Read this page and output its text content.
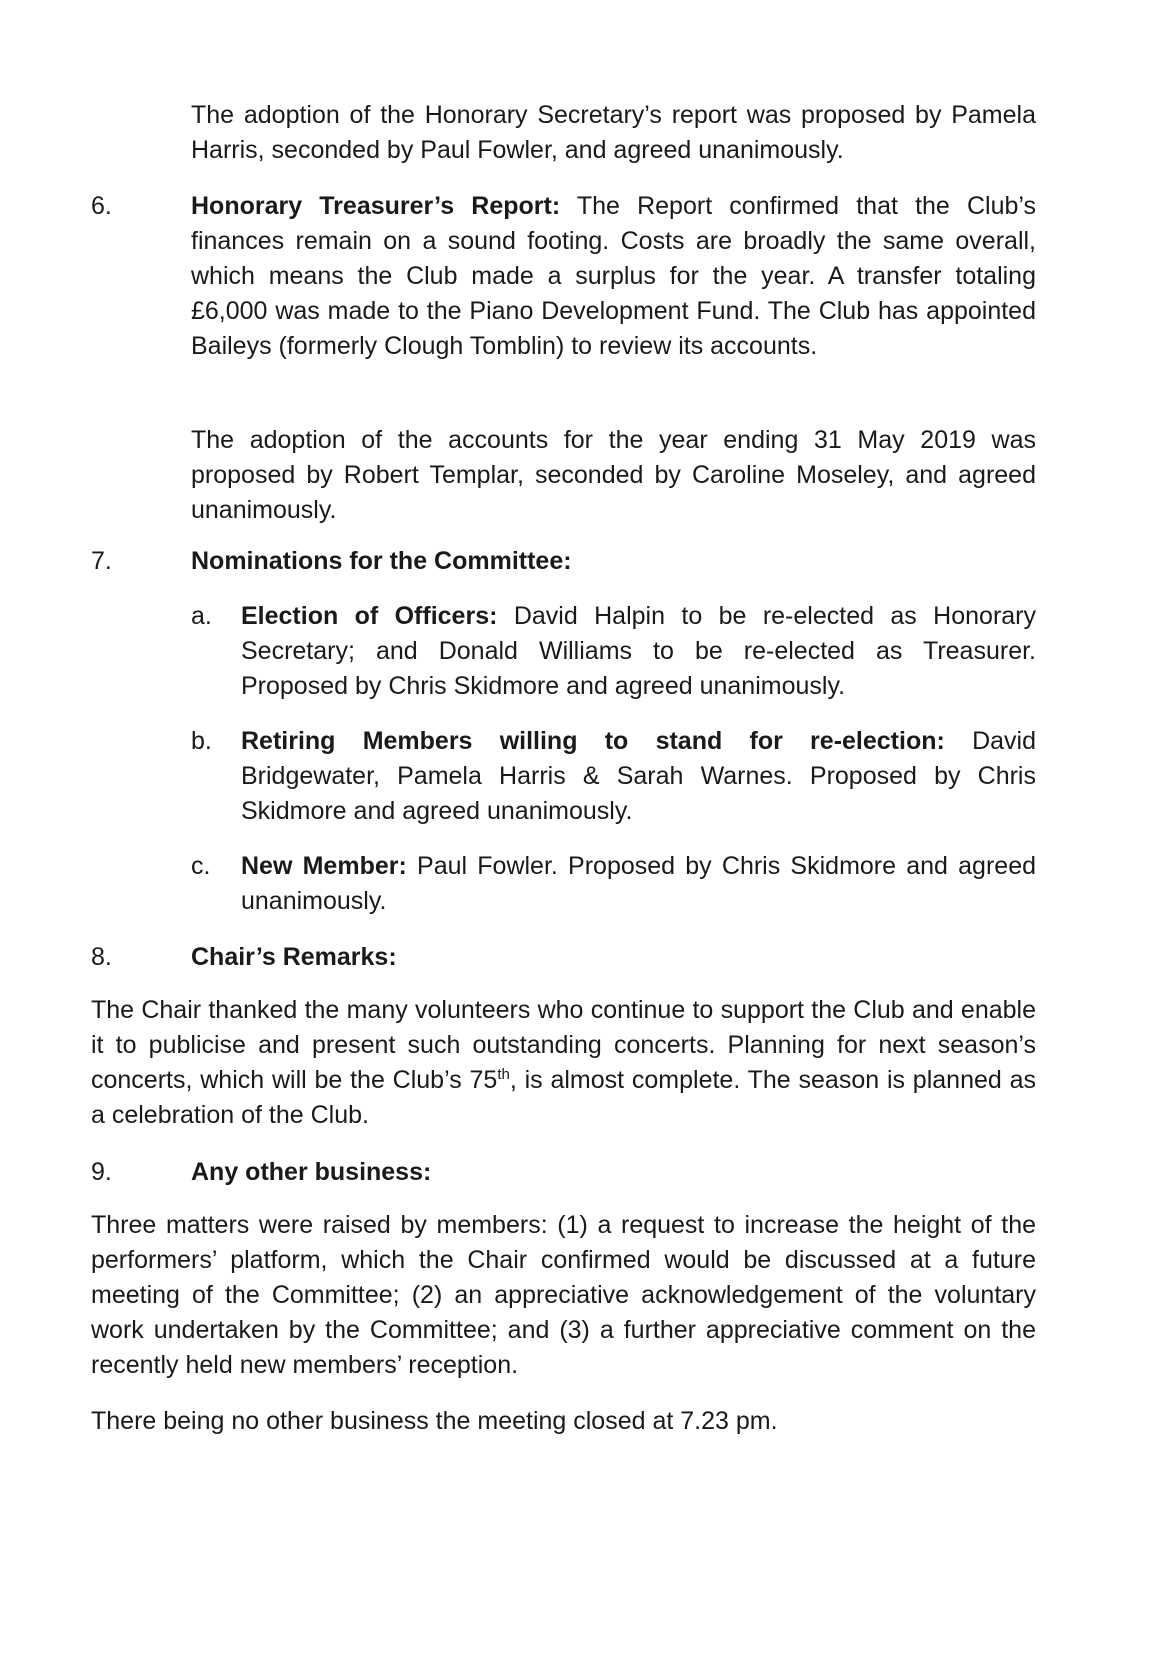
The adoption of the Honorary Secretary’s report was proposed by Pamela Harris, seconded by Paul Fowler, and agreed unanimously.

6.	Honorary Treasurer’s Report: The Report confirmed that the Club’s finances remain on a sound footing. Costs are broadly the same overall, which means the Club made a surplus for the year. A transfer totaling £6,000 was made to the Piano Development Fund. The Club has appointed Baileys (formerly Clough Tomblin) to review its accounts.

The adoption of the accounts for the year ending 31 May 2019 was proposed by Robert Templar, seconded by Caroline Moseley, and agreed unanimously.

7.	Nominations for the Committee:

a. Election of Officers: David Halpin to be re-elected as Honorary Secretary; and Donald Williams to be re-elected as Treasurer. Proposed by Chris Skidmore and agreed unanimously.

b. Retiring Members willing to stand for re-election: David Bridgewater, Pamela Harris & Sarah Warnes. Proposed by Chris Skidmore and agreed unanimously.

c. New Member: Paul Fowler. Proposed by Chris Skidmore and agreed unanimously.

8.	Chair’s Remarks:

The Chair thanked the many volunteers who continue to support the Club and enable it to publicise and present such outstanding concerts. Planning for next season’s concerts, which will be the Club’s 75th, is almost complete. The season is planned as a celebration of the Club.

9.	Any other business:

Three matters were raised by members: (1) a request to increase the height of the performers’ platform, which the Chair confirmed would be discussed at a future meeting of the Committee; (2) an appreciative acknowledgement of the voluntary work undertaken by the Committee; and (3) a further appreciative comment on the recently held new members’ reception.

There being no other business the meeting closed at 7.23 pm.
